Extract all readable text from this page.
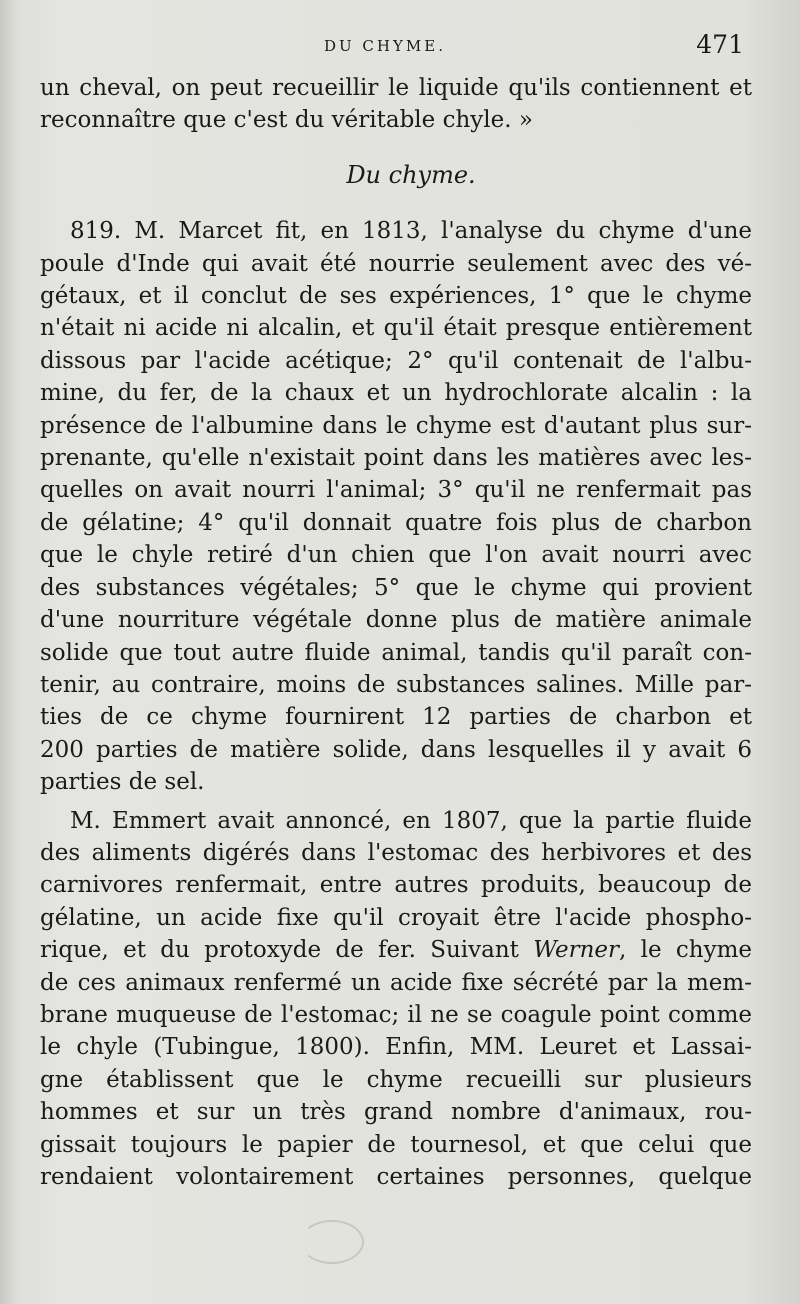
DU CHYME.	471
un cheval, on peut recueillir le liquide qu'ils contiennent et
reconnaître que c'est du véritable chyle. »
Du chyme.
819. M. Marcet fit, en 1813, l'analyse du chyme d'une
poule d'Inde qui avait été nourrie seulement avec des vé-
gétaux, et il conclut de ses expériences, 1° que le chyme
n'était ni acide ni alcalin, et qu'il était presque entièrement
dissous par l'acide acétique; 2° qu'il contenait de l'albu-
mine, du fer, de la chaux et un hydrochlorate alcalin : la
présence de l'albumine dans le chyme est d'autant plus sur-
prenante, qu'elle n'existait point dans les matières avec les-
quelles on avait nourri l'animal; 3° qu'il ne renfermait pas
de gélatine; 4° qu'il donnait quatre fois plus de charbon
que le chyle retiré d'un chien que l'on avait nourri avec
des substances végétales; 5° que le chyme qui provient
d'une nourriture végétale donne plus de matière animale
solide que tout autre fluide animal, tandis qu'il paraît con-
tenir, au contraire, moins de substances salines. Mille par-
ties de ce chyme fournirent 12 parties de charbon et
200 parties de matière solide, dans lesquelles il y avait 6
parties de sel.
M. Emmert avait annoncé, en 1807, que la partie fluide
des aliments digérés dans l'estomac des herbivores et des
carnivores renfermait, entre autres produits, beaucoup de
gélatine, un acide fixe qu'il croyait être l'acide phospho-
rique, et du protoxyde de fer. Suivant Werner, le chyme
de ces animaux renfermé un acide fixe sécrété par la mem-
brane muqueuse de l'estomac; il ne se coagule point comme
le chyle (Tubingue, 1800). Enfin, MM. Leuret et Lassai-
gne établissent que le chyme recueilli sur plusieurs
hommes et sur un très grand nombre d'animaux, rou-
gissait toujours le papier de tournesol, et que celui que
rendaient volontairement certaines personnes, quelque
